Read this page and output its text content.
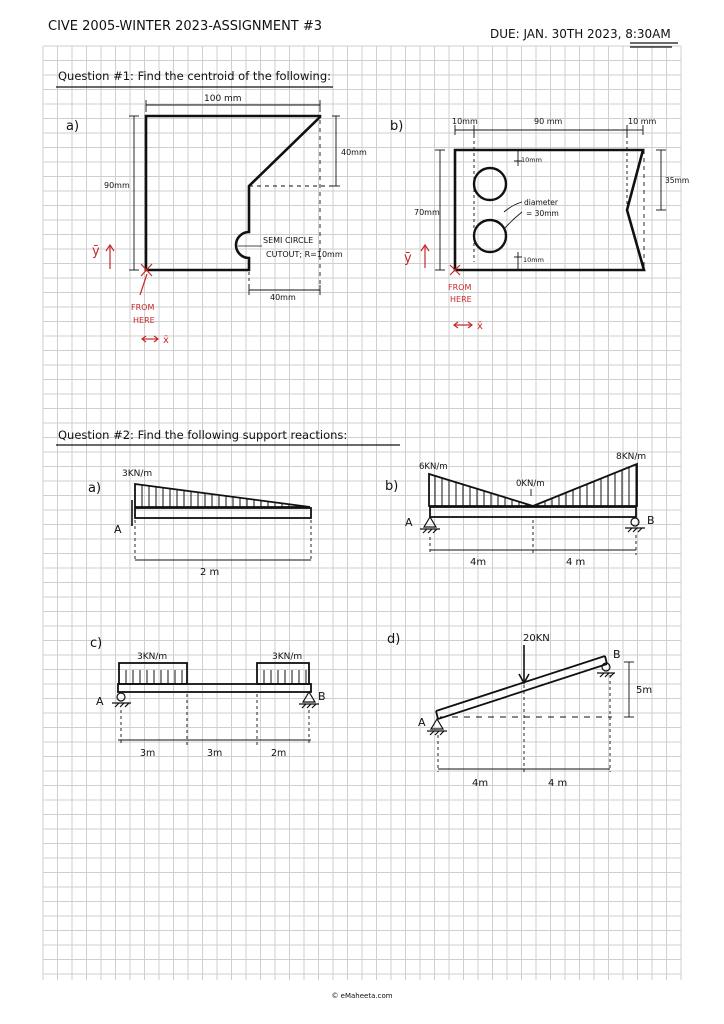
CIVE 2005-WINTER 2023-ASSIGNMENT #3	DUE: JAN. 30TH 2023, 8:30AM
Question #1: Find the centroid of the following:
a)
100 mm
40mm
90mm
40mm
SEMI CIRCLE
CUTOUT; R=10mm
ȳ
FROM
HERE
x̄
b)	10mm	90 mm	10 mm
10mm
35mm
70mm
diameter
= 30mm
10mm
ȳ
FROM
HERE
x̄
Question #2: Find the following support reactions:
a)
3KN/m
A
2 m
b)
6KN/m
0KN/m
8KN/m
A	B
4m	4 m
c)
3KN/m	3KN/m
A	B
3m	3m	2m
d)	20KN
A
B
5m
4m	4 m
© eMaheeta.com
